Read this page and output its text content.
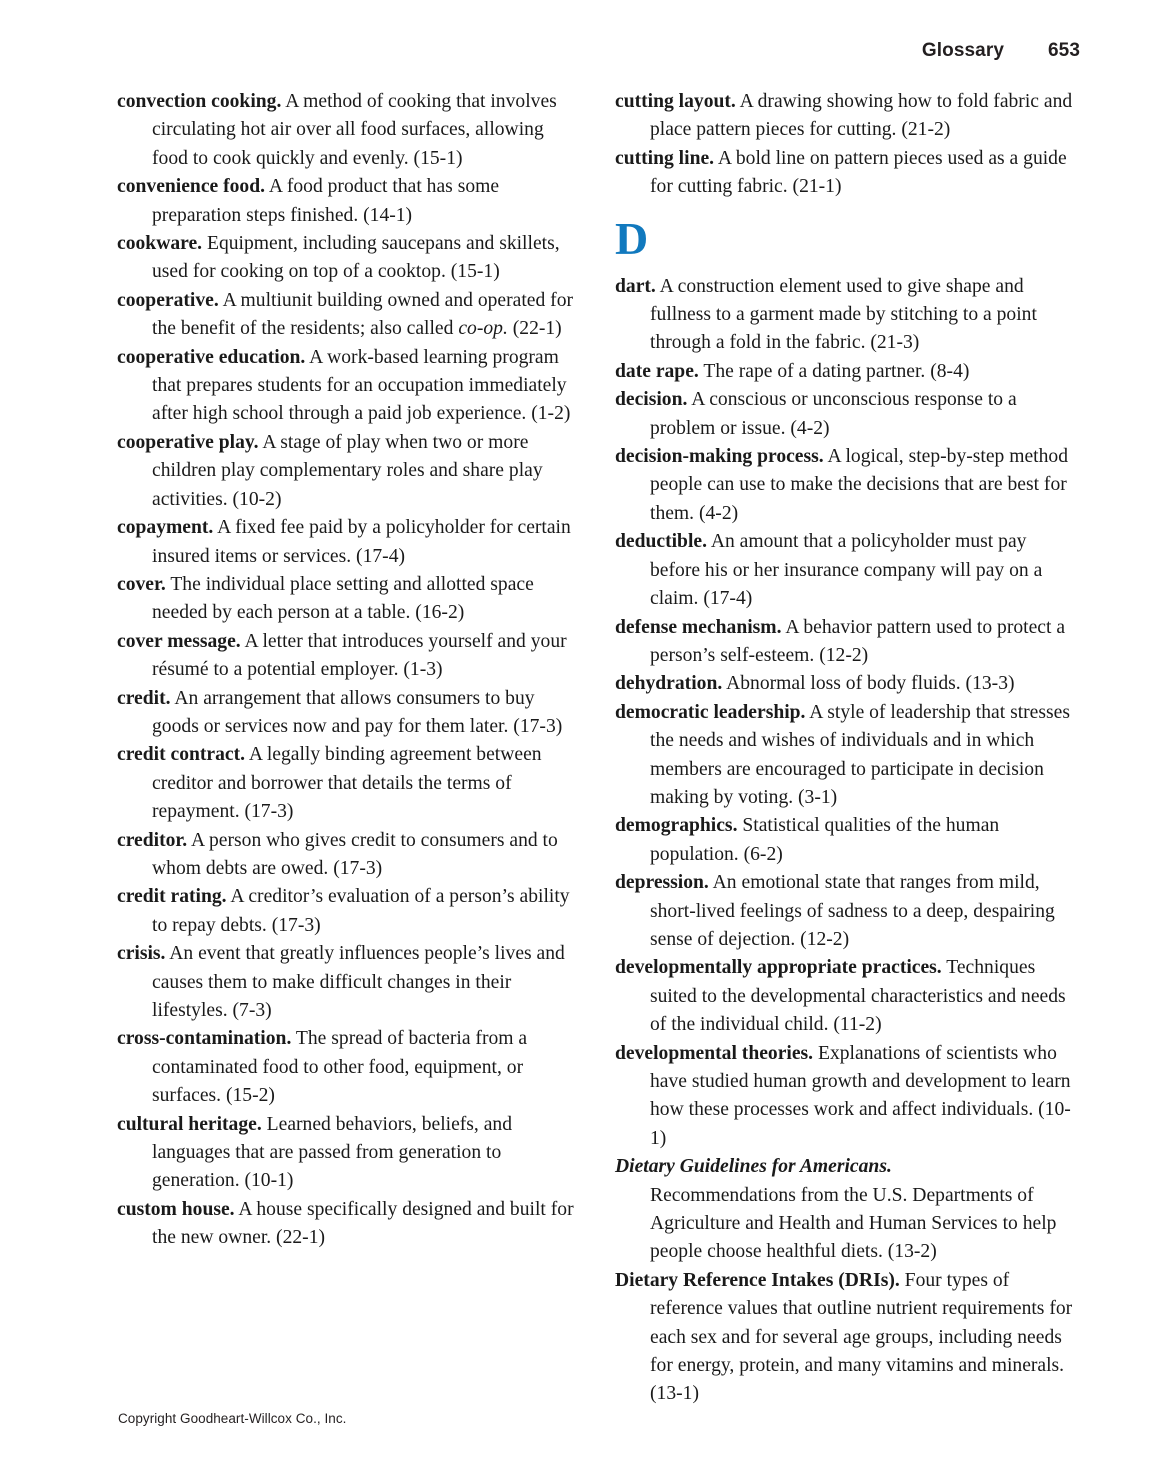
Glossary	653

convection cooking. A method of cooking that involves circulating hot air over all food surfaces, allowing food to cook quickly and evenly. (15-1)

convenience food. A food product that has some preparation steps finished. (14-1)

cookware. Equipment, including saucepans and skillets, used for cooking on top of a cooktop. (15-1)

cooperative. A multiunit building owned and operated for the benefit of the residents; also called co-op. (22-1)

cooperative education. A work-based learning program that prepares students for an occupation immediately after high school through a paid job experience. (1-2)

cooperative play. A stage of play when two or more children play complementary roles and share play activities. (10-2)

copayment. A fixed fee paid by a policyholder for certain insured items or services. (17-4)

cover. The individual place setting and allotted space needed by each person at a table. (16-2)

cover message. A letter that introduces yourself and your résumé to a potential employer. (1-3)

credit. An arrangement that allows consumers to buy goods or services now and pay for them later. (17-3)

credit contract. A legally binding agreement between creditor and borrower that details the terms of repayment. (17-3)

creditor. A person who gives credit to consumers and to whom debts are owed. (17-3)

credit rating. A creditor’s evaluation of a person’s ability to repay debts. (17-3)

crisis. An event that greatly influences people’s lives and causes them to make difficult changes in their lifestyles. (7-3)

cross-contamination. The spread of bacteria from a contaminated food to other food, equipment, or surfaces. (15-2)

cultural heritage. Learned behaviors, beliefs, and languages that are passed from generation to generation. (10-1)

custom house. A house specifically designed and built for the new owner. (22-1)

cutting layout. A drawing showing how to fold fabric and place pattern pieces for cutting. (21-2)

cutting line. A bold line on pattern pieces used as a guide for cutting fabric. (21-1)

D

dart. A construction element used to give shape and fullness to a garment made by stitching to a point through a fold in the fabric. (21-3)

date rape. The rape of a dating partner. (8-4)

decision. A conscious or unconscious response to a problem or issue. (4-2)

decision-making process. A logical, step-by-step method people can use to make the decisions that are best for them. (4-2)

deductible. An amount that a policyholder must pay before his or her insurance company will pay on a claim. (17-4)

defense mechanism. A behavior pattern used to protect a person’s self-esteem. (12-2)

dehydration. Abnormal loss of body fluids. (13-3)

democratic leadership. A style of leadership that stresses the needs and wishes of individuals and in which members are encouraged to participate in decision making by voting. (3-1)

demographics. Statistical qualities of the human population. (6-2)

depression. An emotional state that ranges from mild, short-lived feelings of sadness to a deep, despairing sense of dejection. (12-2)

developmentally appropriate practices. Techniques suited to the developmental characteristics and needs of the individual child. (11-2)

developmental theories. Explanations of scientists who have studied human growth and development to learn how these processes work and affect individuals. (10-1)

Dietary Guidelines for Americans.
Recommendations from the U.S. Departments of Agriculture and Health and Human Services to help people choose healthful diets. (13-2)

Dietary Reference Intakes (DRIs). Four types of reference values that outline nutrient requirements for each sex and for several age groups, including needs for energy, protein, and many vitamins and minerals. (13-1)

Copyright Goodheart-Willcox Co., Inc.
